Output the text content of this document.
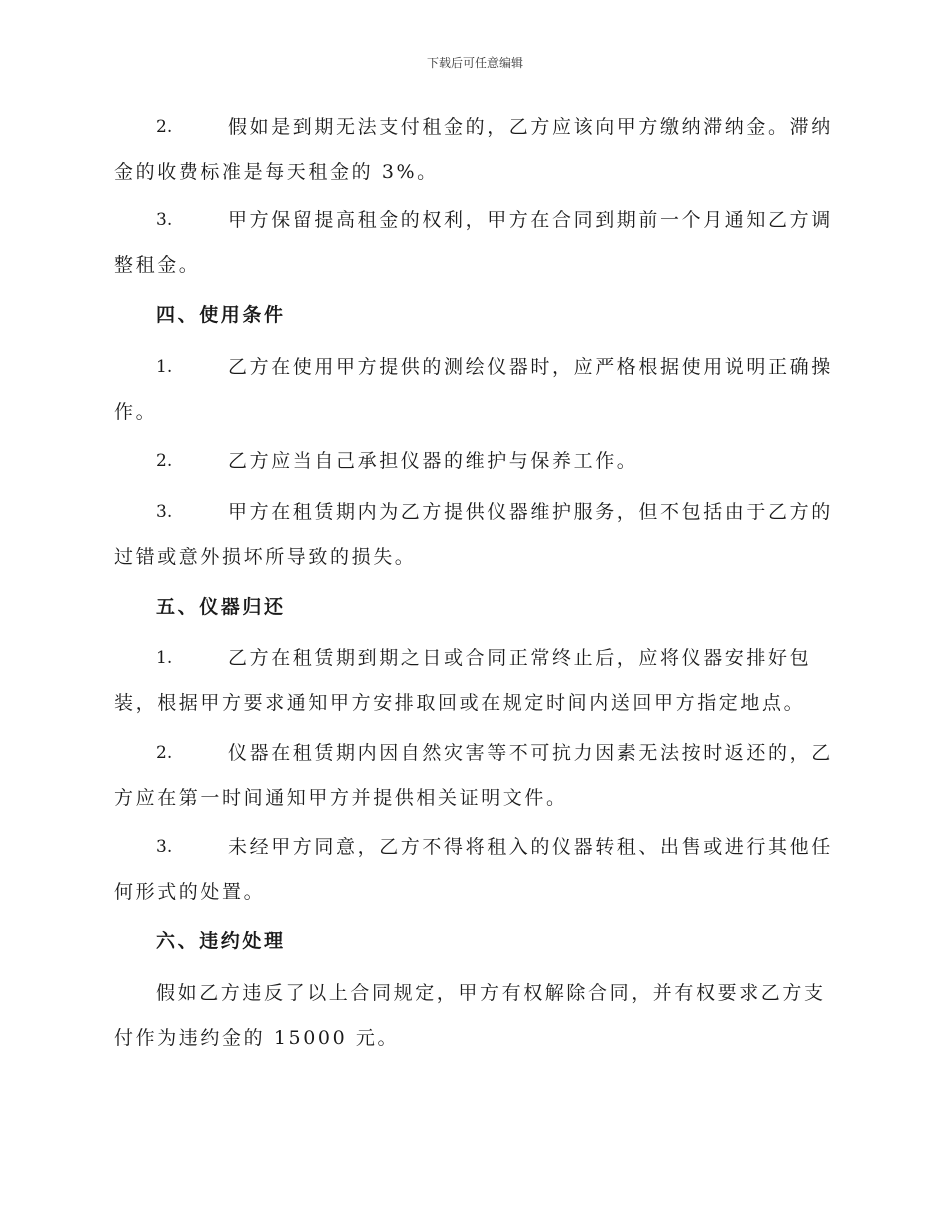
下载后可任意编辑
2.	假如是到期无法支付租金的，乙方应该向甲方缴纳滞纳金。滞纳
金的收费标准是每天租金的 3%。
3.	甲方保留提高租金的权利，甲方在合同到期前一个月通知乙方调
整租金。
四、使用条件
1.	乙方在使用甲方提供的测绘仪器时，应严格根据使用说明正确操
作。
2.	乙方应当自己承担仪器的维护与保养工作。
3.	甲方在租赁期内为乙方提供仪器维护服务，但不包括由于乙方的
过错或意外损坏所导致的损失。
五、仪器归还
1.	乙方在租赁期到期之日或合同正常终止后，应将仪器安排好包
装，根据甲方要求通知甲方安排取回或在规定时间内送回甲方指定地点。
2.	仪器在租赁期内因自然灾害等不可抗力因素无法按时返还的，乙
方应在第一时间通知甲方并提供相关证明文件。
3.	未经甲方同意，乙方不得将租入的仪器转租、出售或进行其他任
何形式的处置。
六、违约处理
假如乙方违反了以上合同规定，甲方有权解除合同，并有权要求乙方支
付作为违约金的 15000 元。
